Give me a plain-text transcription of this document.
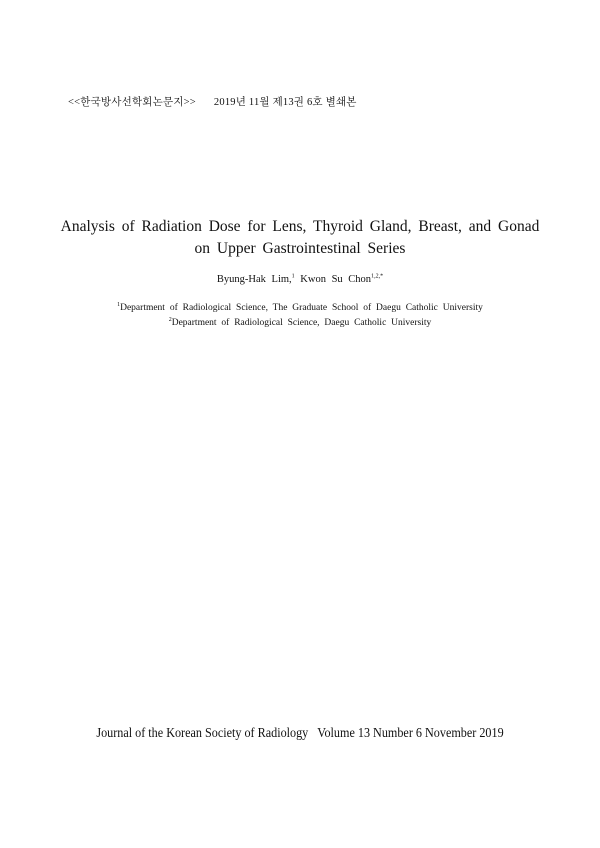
<<한국방사선학회논문지>> 2019년 11월 제13권 6호 별쇄본
Analysis of Radiation Dose for Lens, Thyroid Gland, Breast, and Gonad
on Upper Gastrointestinal Series
Byung-Hak Lim,$^1$ Kwon Su Chon$^{1,2,*}$
$^1$Department of Radiological Science, The Graduate School of Daegu Catholic University
$^2$Department of Radiological Science, Daegu Catholic University
Journal of the Korean Society of Radiology Volume 13 Number 6 November 2019
